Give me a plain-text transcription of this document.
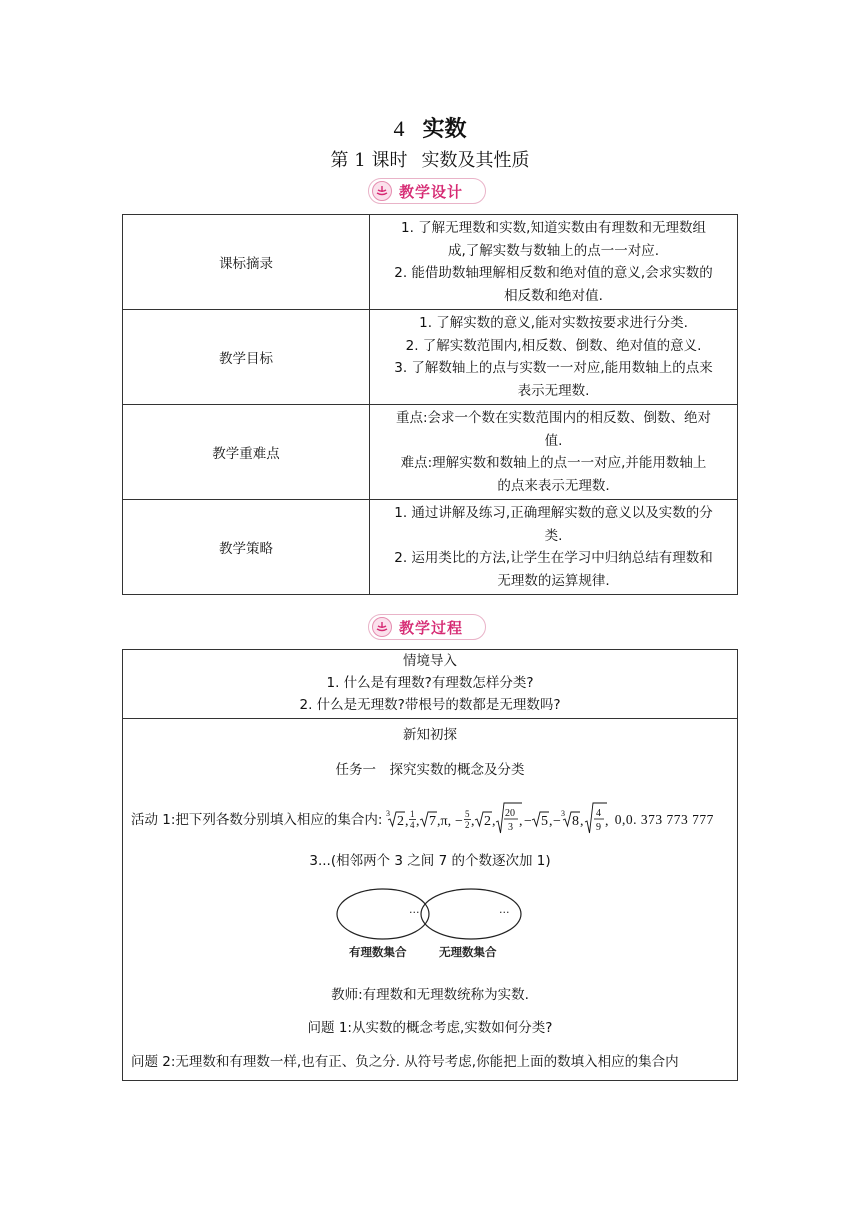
4 实数
第 1 课时 实数及其性质
教学设计
课标摘录	1. 了解无理数和实数,知道实数由有理数和无理数组
成,了解实数与数轴上的点一一对应.
2. 能借助数轴理解相反数和绝对值的意义,会求实数的
相反数和绝对值.

教学目标	1. 了解实数的意义,能对实数按要求进行分类.
2. 了解实数范围内,相反数、倒数、绝对值的意义.
3. 了解数轴上的点与实数一一对应,能用数轴上的点来
表示无理数.

教学重难点	重点:会求一个数在实数范围内的相反数、倒数、绝对
值.
难点:理解实数和数轴上的点一一对应,并能用数轴上
的点来表示无理数.

教学策略	1. 通过讲解及练习,正确理解实数的意义以及实数的分
类.
2. 运用类比的方法,让学生在学习中归纳总结有理数和
无理数的运算规律.
教学过程
情境导入
1. 什么是有理数?有理数怎样分类?
2. 什么是无理数?带根号的数都是无理数吗?
新知初探
任务一　探究实数的概念及分类
活动 1:把下列各数分别填入相应的集合内: 3
2 , 1
4 , 7 ,π, − 5
2 , 2 ,
20
3 , − 5 , −
3
8 ,
4
9 , 0,0. 373 773 777
3...(相邻两个 3 之间 7 的个数逐次加 1)
···	···
有理数集合	无理数集合
教师:有理数和无理数统称为实数.
问题 1:从实数的概念考虑,实数如何分类?
问题 2:无理数和有理数一样,也有正、负之分. 从符号考虑,你能把上面的数填入相应的集合内
